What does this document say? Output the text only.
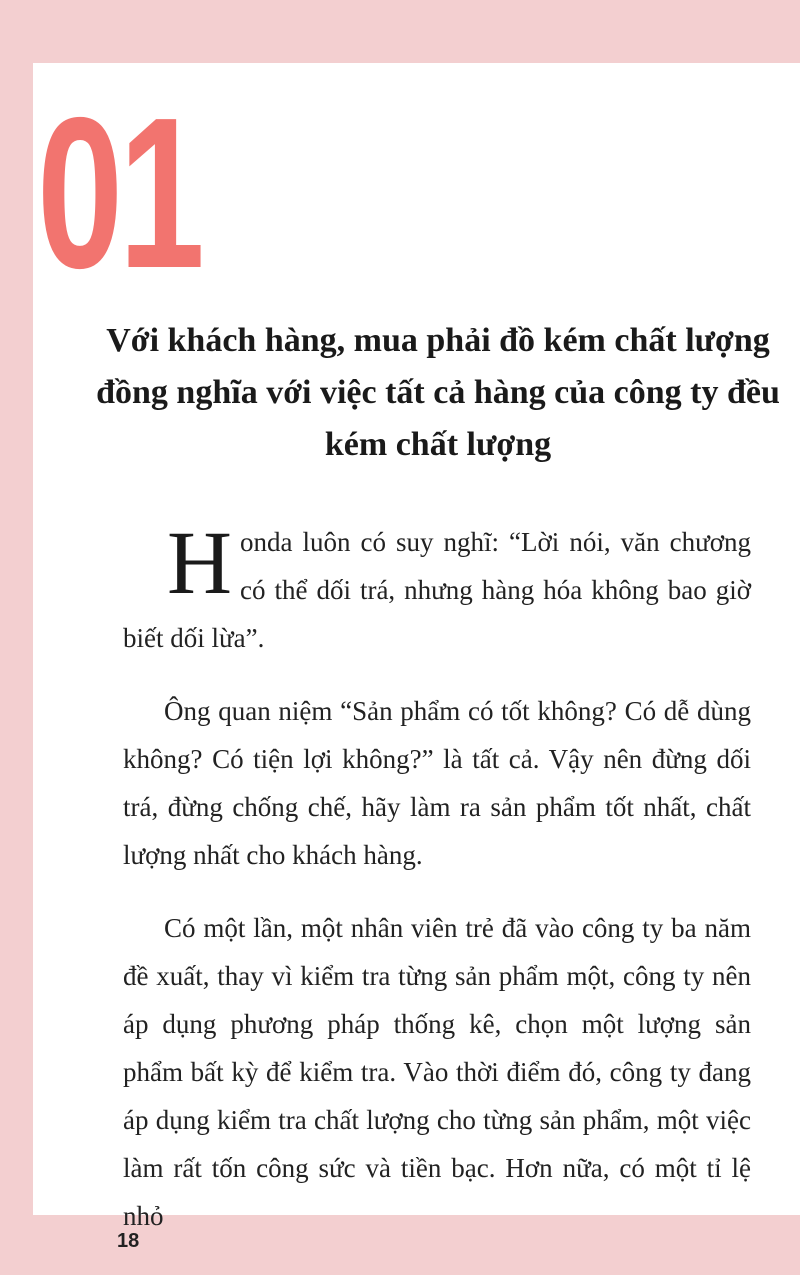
01
Với khách hàng, mua phải đồ kém chất lượng đồng nghĩa với việc tất cả hàng của công ty đều kém chất lượng

Honda luôn có suy nghĩ: “Lời nói, văn chương có thể dối trá, nhưng hàng hóa không bao giờ biết dối lừa”.

Ông quan niệm “Sản phẩm có tốt không? Có dễ dùng không? Có tiện lợi không?” là tất cả. Vậy nên đừng dối trá, đừng chống chế, hãy làm ra sản phẩm tốt nhất, chất lượng nhất cho khách hàng.

Có một lần, một nhân viên trẻ đã vào công ty ba năm đề xuất, thay vì kiểm tra từng sản phẩm một, công ty nên áp dụng phương pháp thống kê, chọn một lượng sản phẩm bất kỳ để kiểm tra. Vào thời điểm đó, công ty đang áp dụng kiểm tra chất lượng cho từng sản phẩm, một việc làm rất tốn công sức và tiền bạc. Hơn nữa, có một tỉ lệ nhỏ

18
